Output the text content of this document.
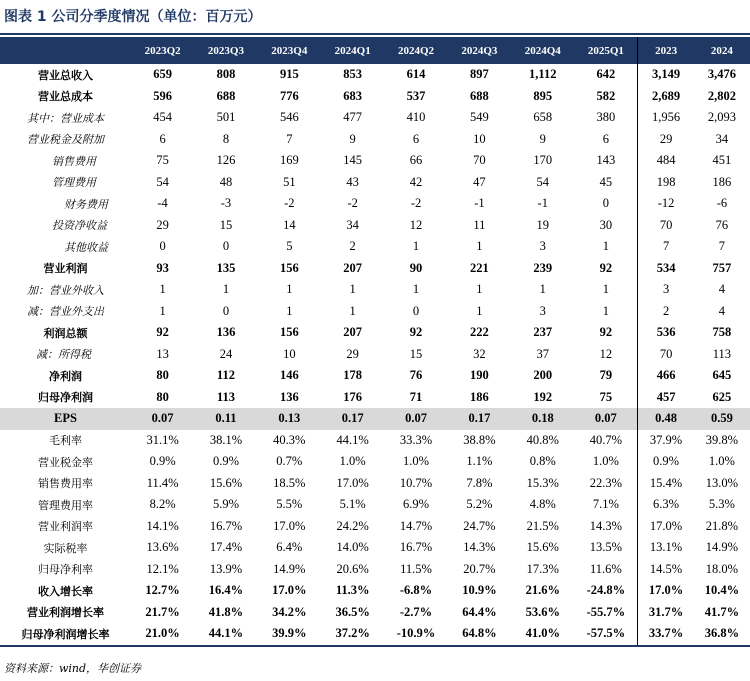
图表 1 公司分季度情况（单位：百万元）
	2023Q2	2023Q3	2023Q4	2024Q1	2024Q2	2024Q3	2024Q4	2025Q1	2023	2024
营业总收入	659	808	915	853	614	897	1,112	642	3,149	3,476
营业总成本	596	688	776	683	537	688	895	582	2,689	2,802
其中：营业成本	454	501	546	477	410	549	658	380	1,956	2,093
营业税金及附加	6	8	7	9	6	10	9	6	29	34
销售费用	75	126	169	145	66	70	170	143	484	451
管理费用	54	48	51	43	42	47	54	45	198	186
财务费用	-4	-3	-2	-2	-2	-1	-1	0	-12	-6
投资净收益	29	15	14	34	12	11	19	30	70	76
其他收益	0	0	5	2	1	1	3	1	7	7
营业利润	93	135	156	207	90	221	239	92	534	757
加：营业外收入	1	1	1	1	1	1	1	1	3	4
减：营业外支出	1	0	1	1	0	1	3	1	2	4
利润总额	92	136	156	207	92	222	237	92	536	758
减：所得税	13	24	10	29	15	32	37	12	70	113
净利润	80	112	146	178	76	190	200	79	466	645
归母净利润	80	113	136	176	71	186	192	75	457	625
EPS	0.07	0.11	0.13	0.17	0.07	0.17	0.18	0.07	0.48	0.59
毛利率	31.1%	38.1%	40.3%	44.1%	33.3%	38.8%	40.8%	40.7%	37.9%	39.8%
营业税金率	0.9%	0.9%	0.7%	1.0%	1.0%	1.1%	0.8%	1.0%	0.9%	1.0%
销售费用率	11.4%	15.6%	18.5%	17.0%	10.7%	7.8%	15.3%	22.3%	15.4%	13.0%
管理费用率	8.2%	5.9%	5.5%	5.1%	6.9%	5.2%	4.8%	7.1%	6.3%	5.3%
营业利润率	14.1%	16.7%	17.0%	24.2%	14.7%	24.7%	21.5%	14.3%	17.0%	21.8%
实际税率	13.6%	17.4%	6.4%	14.0%	16.7%	14.3%	15.6%	13.5%	13.1%	14.9%
归母净利率	12.1%	13.9%	14.9%	20.6%	11.5%	20.7%	17.3%	11.6%	14.5%	18.0%
收入增长率	12.7%	16.4%	17.0%	11.3%	-6.8%	10.9%	21.6%	-24.8%	17.0%	10.4%
营业利润增长率	21.7%	41.8%	34.2%	36.5%	-2.7%	64.4%	53.6%	-55.7%	31.7%	41.7%
归母净利润增长率	21.0%	44.1%	39.9%	37.2%	-10.9%	64.8%	41.0%	-57.5%	33.7%	36.8%
资料来源：wind，华创证券
